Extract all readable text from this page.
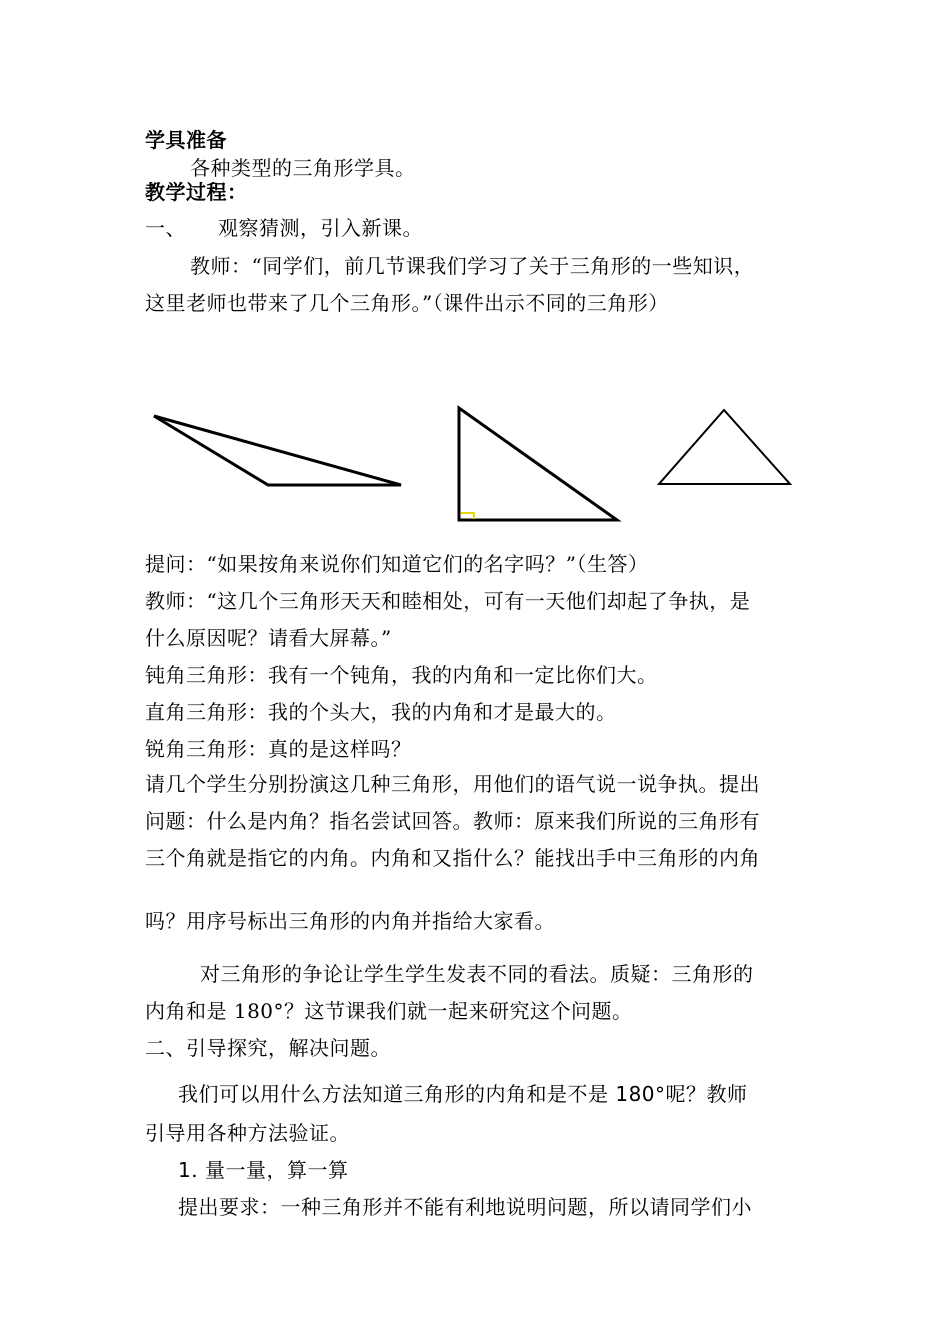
学具准备
各种类型的三角形学具。
教学过程：
一、 观察猜测，引入新课。
教师：“同学们，前几节课我们学习了关于三角形的一些知识，
这里老师也带来了几个三角形。”（课件出示不同的三角形）
提问：“如果按角来说你们知道它们的名字吗？”（生答）
教师：“这几个三角形天天和睦相处，可有一天他们却起了争执，是
什么原因呢？请看大屏幕。”
钝角三角形：我有一个钝角，我的内角和一定比你们大。
直角三角形：我的个头大，我的内角和才是最大的。
锐角三角形：真的是这样吗？
请几个学生分别扮演这几种三角形，用他们的语气说一说争执。提出
问题：什么是内角？指名尝试回答。教师：原来我们所说的三角形有
三个角就是指它的内角。内角和又指什么？能找出手中三角形的内角
吗？用序号标出三角形的内角并指给大家看。
对三角形的争论让学生学生发表不同的看法。质疑：三角形的
内角和是 180°？这节课我们就一起来研究这个问题。
二、引导探究，解决问题。
我们可以用什么方法知道三角形的内角和是不是 180°呢？教师
引导用各种方法验证。
1. 量一量，算一算
提出要求：一种三角形并不能有利地说明问题，所以请同学们小
